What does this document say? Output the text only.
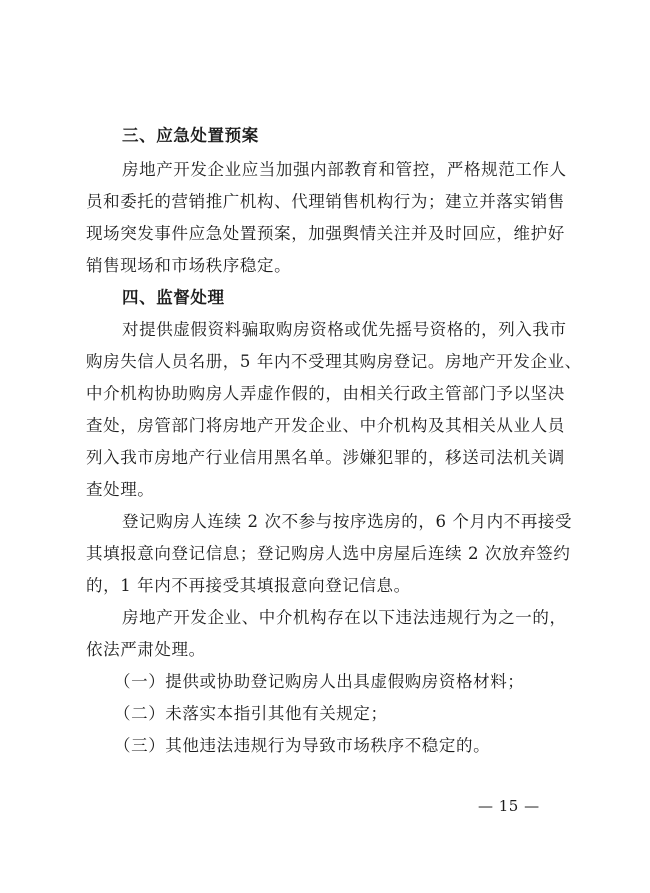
三、应急处置预案
房地产开发企业应当加强内部教育和管控，严格规范工作人
员和委托的营销推广机构、代理销售机构行为；建立并落实销售
现场突发事件应急处置预案，加强舆情关注并及时回应，维护好
销售现场和市场秩序稳定。
四、监督处理
对提供虚假资料骗取购房资格或优先摇号资格的，列入我市
购房失信人员名册，5 年内不受理其购房登记。房地产开发企业、
中介机构协助购房人弄虚作假的，由相关行政主管部门予以坚决
查处，房管部门将房地产开发企业、中介机构及其相关从业人员
列入我市房地产行业信用黑名单。涉嫌犯罪的，移送司法机关调
查处理。
登记购房人连续 2 次不参与按序选房的，6 个月内不再接受
其填报意向登记信息；登记购房人选中房屋后连续 2 次放弃签约
的，1 年内不再接受其填报意向登记信息。
房地产开发企业、中介机构存在以下违法违规行为之一的，
依法严肃处理。
（一）提供或协助登记购房人出具虚假购房资格材料；
（二）未落实本指引其他有关规定；
（三）其他违法违规行为导致市场秩序不稳定的。
— 15 —
